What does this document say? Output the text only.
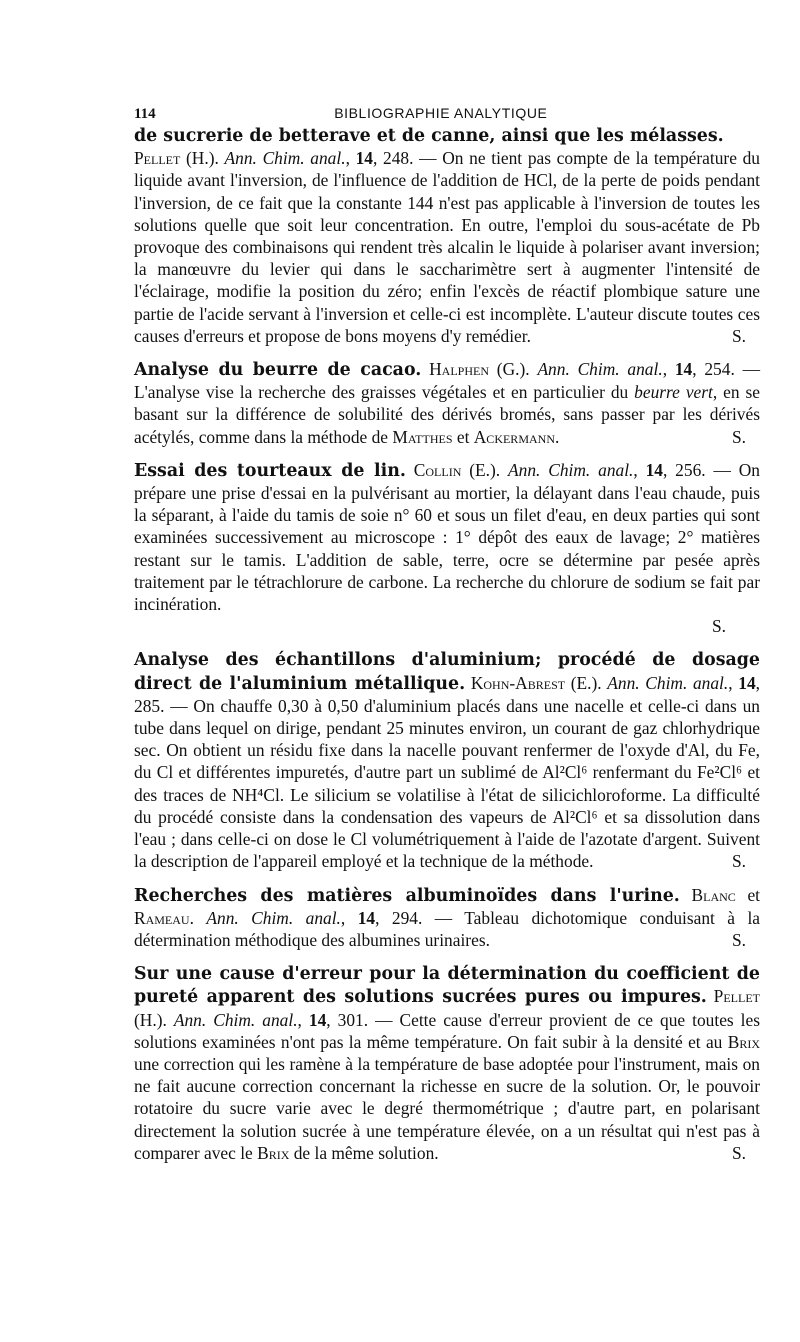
114	BIBLIOGRAPHIE ANALYTIQUE

de sucrerie de betterave et de canne, ainsi que les mélasses.
Pellet (H.). Ann. Chim. anal., 14, 248. — On ne tient pas compte de la température du liquide avant l'inversion, de l'influence de l'addition de HCl, de la perte de poids pendant l'inversion, de ce fait que la constante 144 n'est pas applicable à l'inversion de toutes les solutions quelle que soit leur concentration. En outre, l'emploi du sous-acétate de Pb provoque des combinaisons qui rendent très alcalin le liquide à polariser avant inversion; la manœuvre du levier qui dans le saccharimètre sert à augmenter l'intensité de l'éclairage, modifie la position du zéro; enfin l'excès de réactif plombique sature une partie de l'acide servant à l'inversion et celle-ci est incomplète. L'auteur discute toutes ces causes d'erreurs et propose de bons moyens d'y remédier.	S.

Analyse du beurre de cacao. Halphen (G.). Ann. Chim. anal., 14, 254. — L'analyse vise la recherche des graisses végétales et en particulier du beurre vert, en se basant sur la différence de solubilité des dérivés bromés, sans passer par les dérivés acétylés, comme dans la méthode de Matthes et Ackermann.	S.

Essai des tourteaux de lin. Collin (E.). Ann. Chim. anal., 14, 256. — On prépare une prise d'essai en la pulvérisant au mortier, la délayant dans l'eau chaude, puis la séparant, à l'aide du tamis de soie n° 60 et sous un filet d'eau, en deux parties qui sont examinées successivement au microscope : 1° dépôt des eaux de lavage; 2° matières restant sur le tamis. L'addition de sable, terre, ocre se détermine par pesée après traitement par le tétrachlorure de carbone. La recherche du chlorure de sodium se fait par incinération.

S.

Analyse des échantillons d'aluminium; procédé de dosage direct de l'aluminium métallique. Kohn-Abrest (E.). Ann. Chim. anal., 14, 285. — On chauffe 0,30 à 0,50 d'aluminium placés dans une nacelle et celle-ci dans un tube dans lequel on dirige, pendant 25 minutes environ, un courant de gaz chlorhydrique sec. On obtient un résidu fixe dans la nacelle pouvant renfermer de l'oxyde d'Al, du Fe, du Cl et différentes impuretés, d'autre part un sublimé de Al²Cl⁶ renfermant du Fe²Cl⁶ et des traces de NH⁴Cl. Le silicium se volatilise à l'état de silicichloroforme. La difficulté du procédé consiste dans la condensation des vapeurs de Al²Cl⁶ et sa dissolution dans l'eau ; dans celle-ci on dose le Cl volumétriquement à l'aide de l'azotate d'argent. Suivent la description de l'appareil employé et la technique de la méthode.	S.

Recherches des matières albuminoïdes dans l'urine. Blanc et Rameau. Ann. Chim. anal., 14, 294. — Tableau dichotomique conduisant à la détermination méthodique des albumines urinaires.	S.

Sur une cause d'erreur pour la détermination du coefficient de pureté apparent des solutions sucrées pures ou impures. Pellet (H.). Ann. Chim. anal., 14, 301. — Cette cause d'erreur provient de ce que toutes les solutions examinées n'ont pas la même température. On fait subir à la densité et au Brix une correction qui les ramène à la température de base adoptée pour l'instrument, mais on ne fait aucune correction concernant la richesse en sucre de la solution. Or, le pouvoir rotatoire du sucre varie avec le degré thermométrique ; d'autre part, en polarisant directement la solution sucrée à une température élevée, on a un résultat qui n'est pas à comparer avec le Brix de la même solution.	S.
